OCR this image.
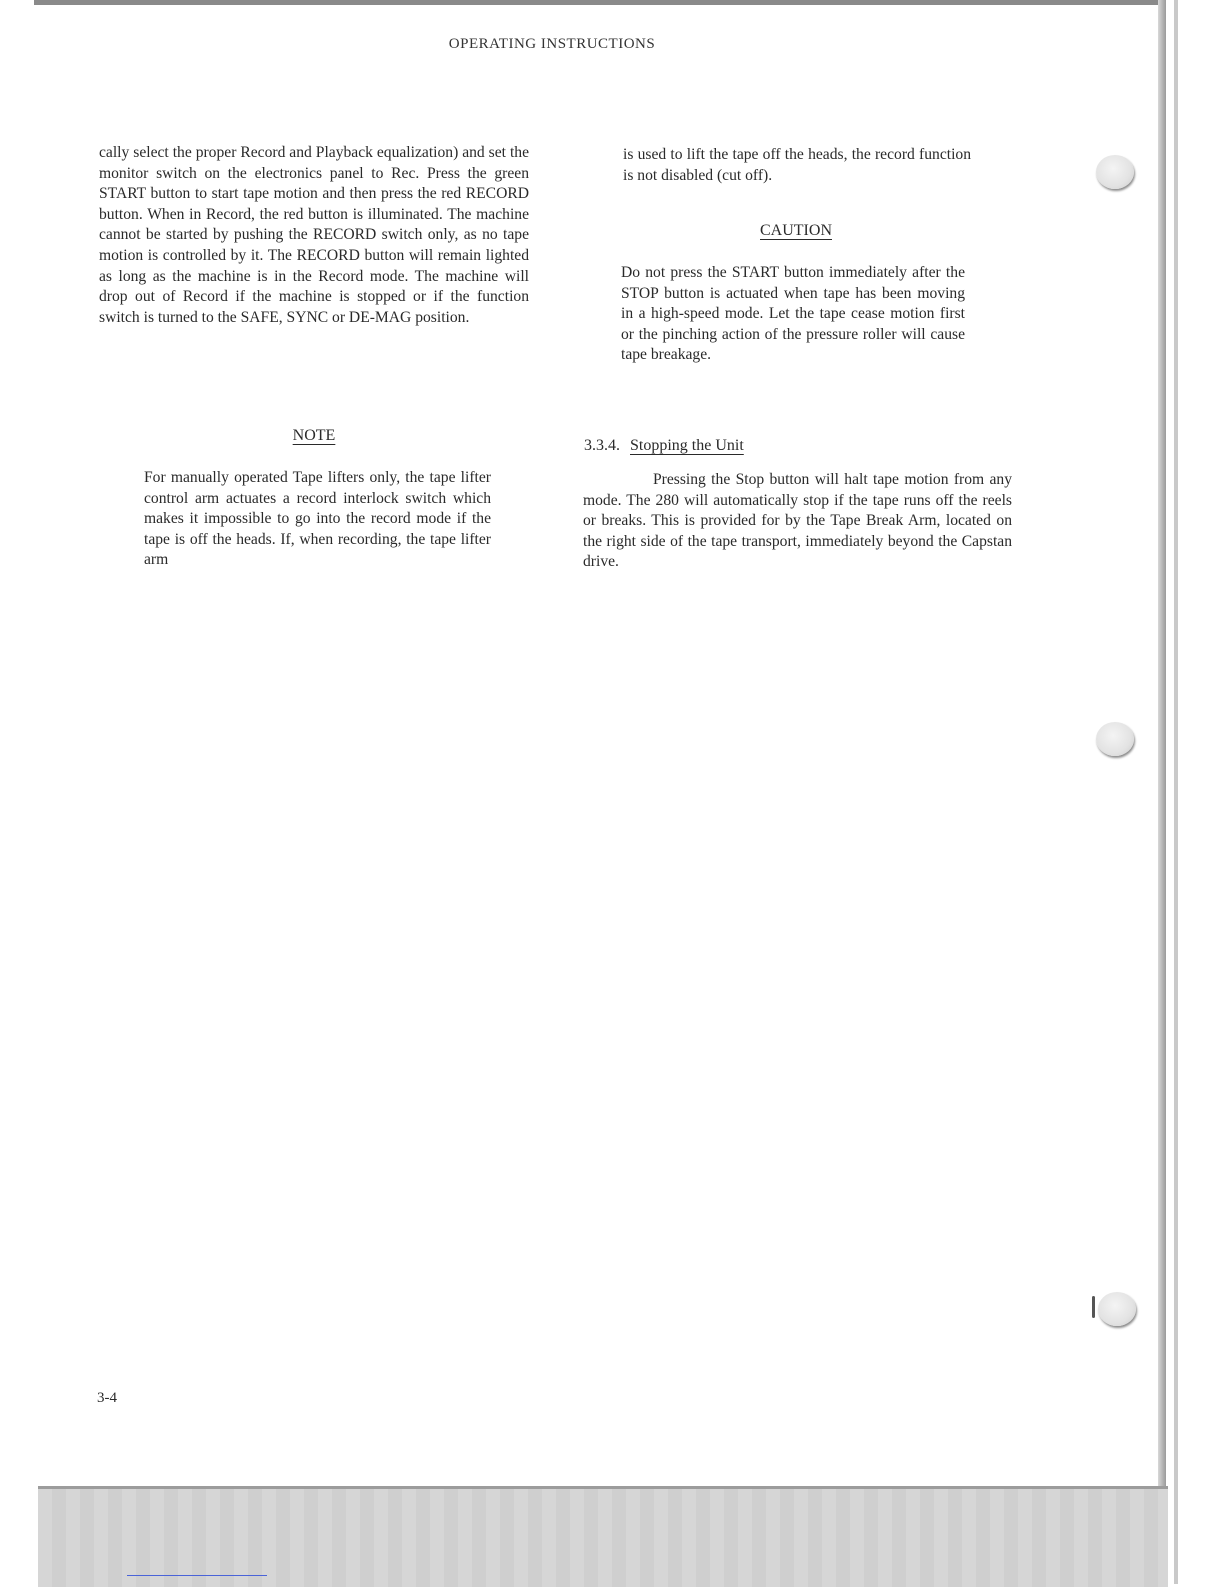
OPERATING INSTRUCTIONS

cally select the proper Record and Playback equalization) and set the monitor switch on the electronics panel to Rec. Press the green START button to start tape motion and then press the red RECORD button. When in Record, the red button is illuminated. The machine cannot be started by pushing the RECORD switch only, as no tape motion is controlled by it. The RECORD button will remain lighted as long as the machine is in the Record mode. The machine will drop out of Record if the machine is stopped or if the function switch is turned to the SAFE, SYNC or DE-MAG position.

NOTE

For manually operated Tape lifters only, the tape lifter control arm actuates a record interlock switch which makes it impossible to go into the record mode if the tape is off the heads. If, when recording, the tape lifter arm

is used to lift the tape off the heads, the record function is not disabled (cut off).

CAUTION

Do not press the START button immediately after the STOP button is actuated when tape has been moving in a high-speed mode. Let the tape cease motion first or the pinching action of the pressure roller will cause tape breakage.

3.3.4. Stopping the Unit

Pressing the Stop button will halt tape motion from any mode. The 280 will automatically stop if the tape runs off the reels or breaks. This is provided for by the Tape Break Arm, located on the right side of the tape transport, immediately beyond the Capstan drive.

3-4
